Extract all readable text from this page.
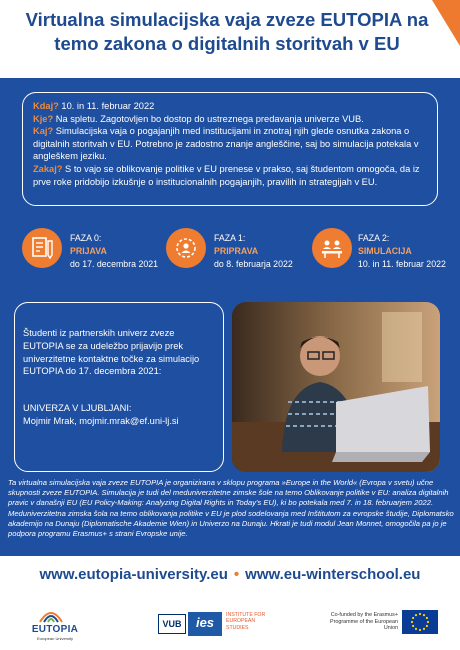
Virtualna simulacijska vaja zveze EUTOPIA na temo zakona o digitalnih storitvah v EU
Kdaj? 10. in 11. februar 2022
Kje? Na spletu. Zagotovljen bo dostop do ustreznega predavanja univerze VUB.
Kaj? Simulacijska vaja o pogajanjih med institucijami in znotraj njih glede osnutka zakona o digitalnih storitvah v EU. Potrebno je zadostno znanje angleščine, saj bo simulacija potekala v angleškem jeziku.
Zakaj? S to vajo se oblikovanje politike v EU prenese v prakso, saj študentom omogoča, da iz prve roke pridobijo izkušnje o institucionalnih pogajanjih, pravilih in strategijah v EU.
FAZA 0:
PRIJAVA
do 17. decembra 2021
FAZA 1:
PRIPRAVA
do 8. februarja 2022
FAZA 2:
SIMULACIJA
10. in 11. februar 2022
Študenti iz partnerskih univerz zveze EUTOPIA se za udeležbo prijavijo prek univerzitetne kontaktne točke za simulacijo EUTOPIA do 17. decembra 2021:
UNIVERZA V LJUBLJANI:
Mojmir Mrak, mojmir.mrak@ef.uni-lj.si
Ta virtualna simulacijska vaja zveze EUTOPIA je organizirana v sklopu programa »Europe in the World« (Evropa v svetu) učne skupnosti zveze EUTOPIA. Simulacija je tudi del meduniverzitetne zimske šole na temo Oblikovanje politike v EU: analiza digitalnih pravic v današnji EU (EU Policy-Making: Analyzing Digital Rights in Today's EU), ki bo potekala med 7. in 18. februarjem 2022. Meduniverzitetna zimska šola na temo oblikovanja politike v EU je plod sodelovanja med Inštitutom za evropske študije, Diplomatsko akademijo na Dunaju (Diplomatische Akademie Wien) in Univerzo na Dunaju. Hkrati je tudi modul Jean Monnet, omogočila pa jo je podpora programu Erasmus+ s strani Evropske unije.
www.eutopia-university.eu • www.eu-winterschool.eu
EUTOPIA
European University
VUB	ies	INSTITUTE FOR EUROPEAN STUDIES
Co-funded by the Erasmus+ Programme of the European Union
